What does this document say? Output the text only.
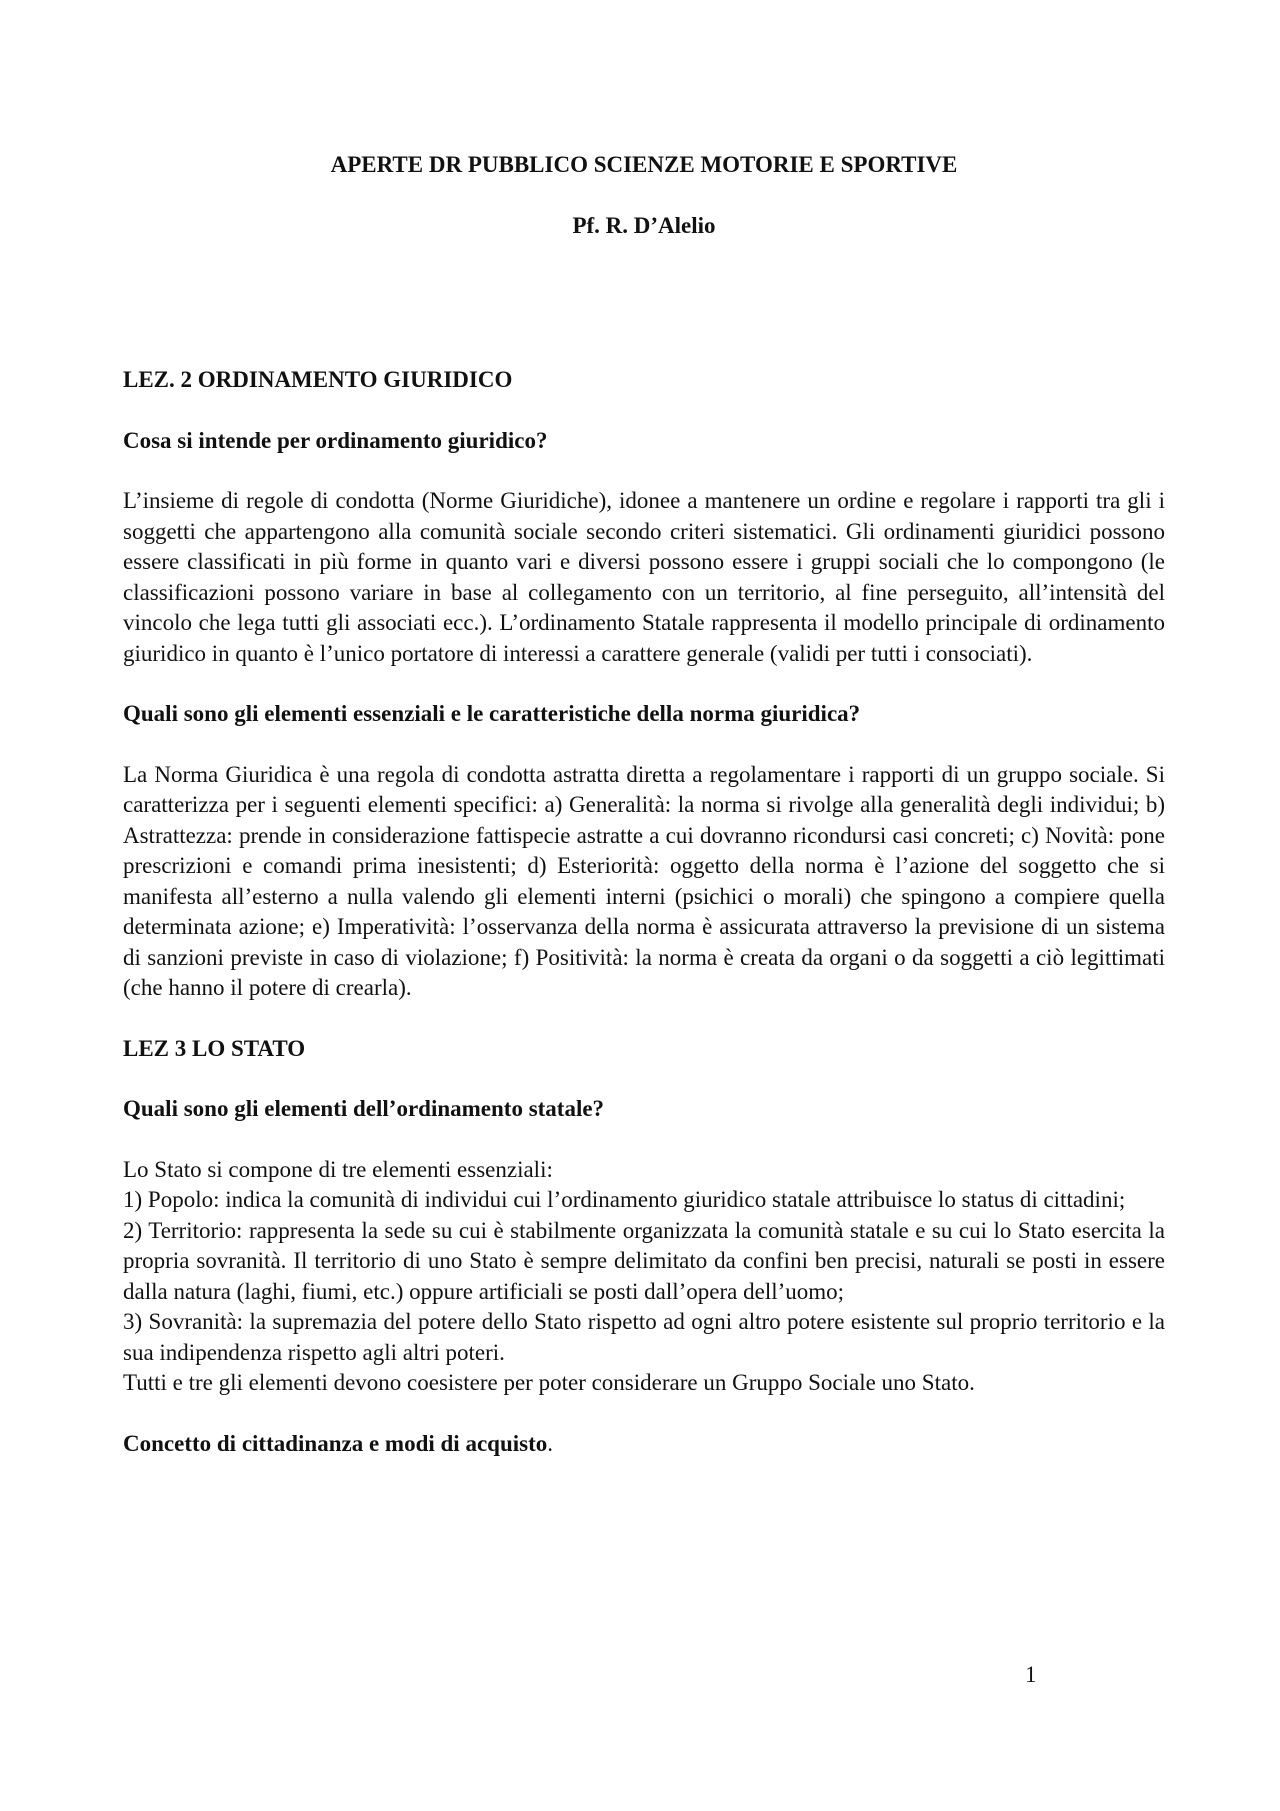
APERTE DR PUBBLICO SCIENZE MOTORIE E SPORTIVE

Pf. R. D’Alelio

LEZ. 2 ORDINAMENTO GIURIDICO

Cosa si intende per ordinamento giuridico?

L’insieme di regole di condotta (Norme Giuridiche), idonee a mantenere un ordine e regolare i rapporti tra gli i soggetti che appartengono alla comunità sociale secondo criteri sistematici. Gli ordinamenti giuridici possono essere classificati in più forme in quanto vari e diversi possono essere i gruppi sociali che lo compongono (le classificazioni possono variare in base al collegamento con un territorio, al fine perseguito, all’intensità del vincolo che lega tutti gli associati ecc.). L’ordinamento Statale rappresenta il modello principale di ordinamento giuridico in quanto è l’unico portatore di interessi a carattere generale (validi per tutti i consociati).

Quali sono gli elementi essenziali e le caratteristiche della norma giuridica?

La Norma Giuridica è una regola di condotta astratta diretta a regolamentare i rapporti di un gruppo sociale. Si caratterizza per i seguenti elementi specifici: a) Generalità: la norma si rivolge alla generalità degli individui; b) Astrattezza: prende in considerazione fattispecie astratte a cui dovranno ricondursi casi concreti; c) Novità: pone prescrizioni e comandi prima inesistenti; d) Esteriorità: oggetto della norma è l’azione del soggetto che si manifesta all’esterno a nulla valendo gli elementi interni (psichici o morali) che spingono a compiere quella determinata azione; e) Imperatività: l’osservanza della norma è assicurata attraverso la previsione di un sistema di sanzioni previste in caso di violazione; f) Positività: la norma è creata da organi o da soggetti a ciò legittimati (che hanno il potere di crearla).

LEZ 3 LO STATO

Quali sono gli elementi dell’ordinamento statale?

Lo Stato si compone di tre elementi essenziali:

1) Popolo: indica la comunità di individui cui l’ordinamento giuridico statale attribuisce lo status di cittadini;

2) Territorio: rappresenta la sede su cui è stabilmente organizzata la comunità statale e su cui lo Stato esercita la propria sovranità. Il territorio di uno Stato è sempre delimitato da confini ben precisi, naturali se posti in essere dalla natura (laghi, fiumi, etc.) oppure artificiali se posti dall’opera dell’uomo;

3) Sovranità: la supremazia del potere dello Stato rispetto ad ogni altro potere esistente sul proprio territorio e la sua indipendenza rispetto agli altri poteri.

Tutti e tre gli elementi devono coesistere per poter considerare un Gruppo Sociale uno Stato.

Concetto di cittadinanza e modi di acquisto.

1
